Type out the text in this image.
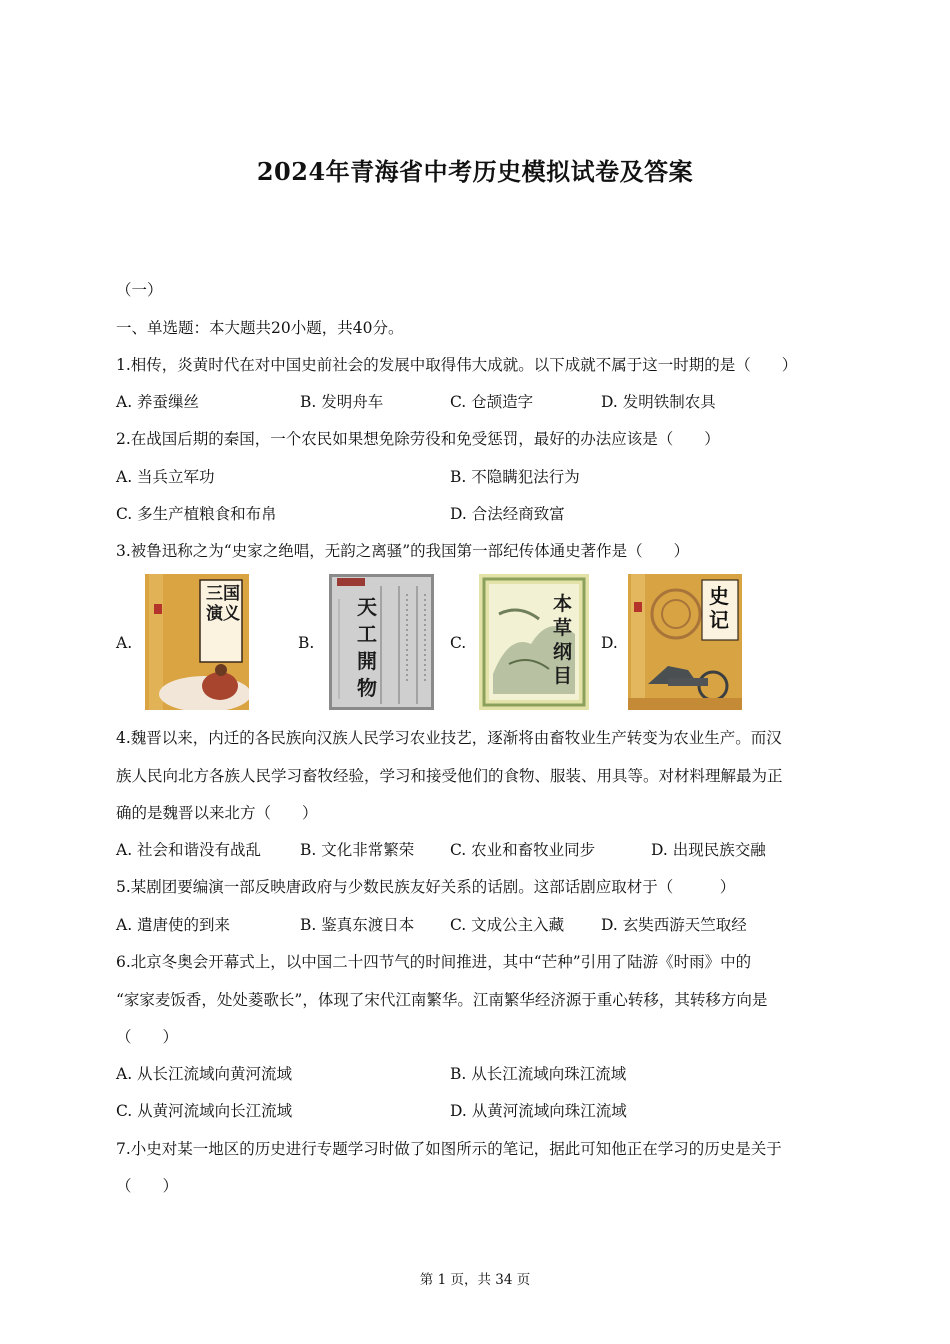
2024年青海省中考历史模拟试卷及答案
（一）
一、单选题：本大题共20小题，共40分。
1.相传，炎黄时代在对中国史前社会的发展中取得伟大成就。以下成就不属于这一时期的是（　　）
A. 养蚕缫丝	B. 发明舟车	C. 仓颉造字	D. 发明铁制农具
2.在战国后期的秦国，一个农民如果想免除劳役和免受惩罚，最好的办法应该是（　　）
A. 当兵立军功	B. 不隐瞒犯法行为
C. 多生产植粮食和布帛	D. 合法经商致富
3.被鲁迅称之为“史家之绝唱，无韵之离骚”的我国第一部纪传体通史著作是（　　）
A.
三国演义
B.
天工開物
C.
本草纲目
D.
史记
4.魏晋以来，内迁的各民族向汉族人民学习农业技艺，逐渐将由畜牧业生产转变为农业生产。而汉
族人民向北方各族人民学习畜牧经验，学习和接受他们的食物、服装、用具等。对材料理解最为正
确的是魏晋以来北方（　　）
A. 社会和谐没有战乱	B. 文化非常繁荣 C. 农业和畜牧业同步	D. 出现民族交融
5.某剧团要编演一部反映唐政府与少数民族友好关系的话剧。这部话剧应取材于（　　　）
A. 遣唐使的到来	B. 鉴真东渡日本 C. 文成公主入藏 D. 玄奘西游天竺取经
6.北京冬奥会开幕式上，以中国二十四节气的时间推进，其中“芒种”引用了陆游《时雨》中的
“家家麦饭香，处处菱歌长”，体现了宋代江南繁华。江南繁华经济源于重心转移，其转移方向是
（　　）
A. 从长江流域向黄河流域	B. 从长江流域向珠江流域
C. 从黄河流域向长江流域	D. 从黄河流域向珠江流域
7.小史对某一地区的历史进行专题学习时做了如图所示的笔记，据此可知他正在学习的历史是关于
（　　）
第 1 页，共 34 页
